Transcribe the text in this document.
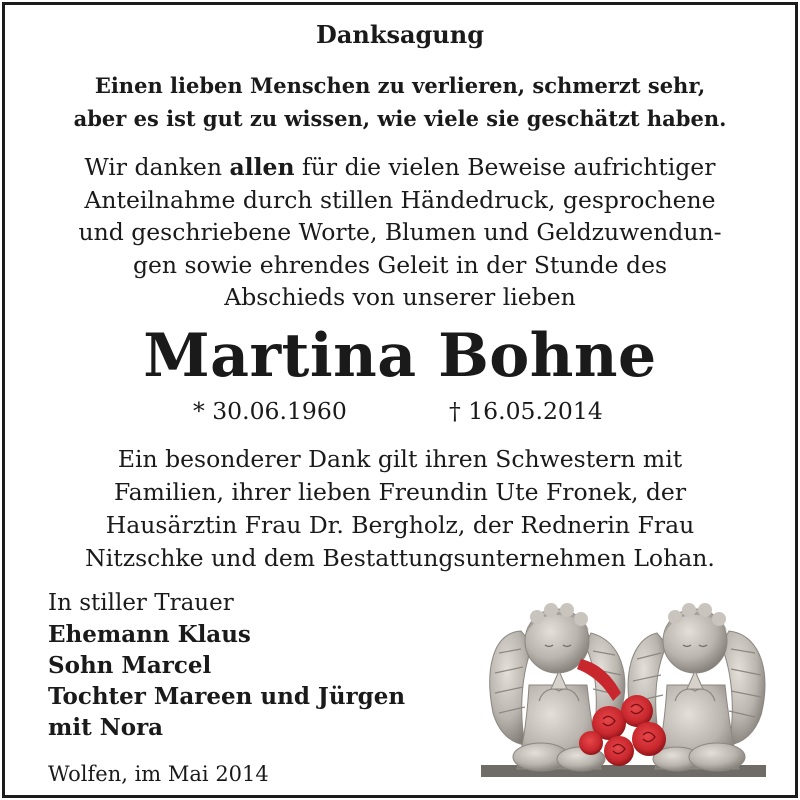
Danksagung
Einen lieben Menschen zu verlieren, schmerzt sehr,
aber es ist gut zu wissen, wie viele sie geschätzt haben.
Wir danken allen für die vielen Beweise aufrichtiger
Anteilnahme durch stillen Händedruck, gesprochene
und geschriebene Worte, Blumen und Geldzuwendun-
gen sowie ehrendes Geleit in der Stunde des
Abschieds von unserer lieben
Martina Bohne
* 30.06.1960	† 16.05.2014
Ein besonderer Dank gilt ihren Schwestern mit
Familien, ihrer lieben Freundin Ute Fronek, der
Hausärztin Frau Dr. Bergholz, der Rednerin Frau
Nitzschke und dem Bestattungsunternehmen Lohan.
In stiller Trauer
Ehemann Klaus
Sohn Marcel
Tochter Mareen und Jürgen
mit Nora
Wolfen, im Mai 2014
